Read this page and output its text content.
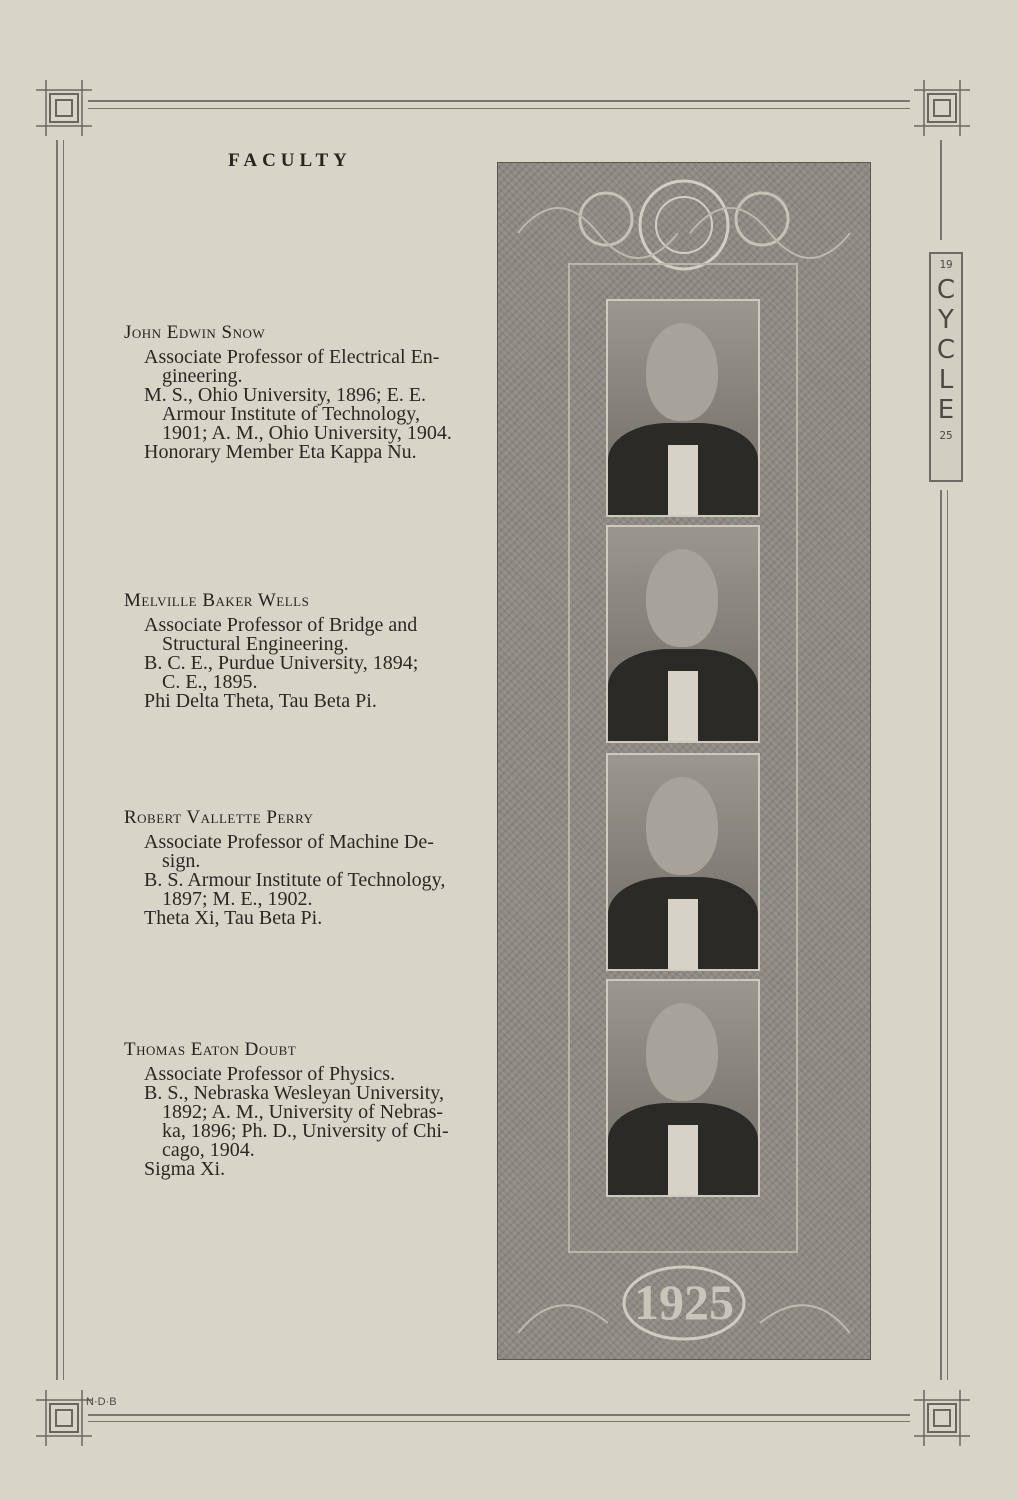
19
C
Y
C
L
E
25
FACULTY
John Edwin Snow
Associate Professor of Electrical En-
gineering.
M. S., Ohio University, 1896; E. E.
Armour Institute of Technology,
1901; A. M., Ohio University, 1904.
Honorary Member Eta Kappa Nu.
Melville Baker Wells
Associate Professor of Bridge and
Structural Engineering.
B. C. E., Purdue University, 1894;
C. E., 1895.
Phi Delta Theta, Tau Beta Pi.
Robert Vallette Perry
Associate Professor of Machine De-
sign.
B. S. Armour Institute of Technology,
1897; M. E., 1902.
Theta Xi, Tau Beta Pi.
Thomas Eaton Doubt
Associate Professor of Physics.
B. S., Nebraska Wesleyan University,
1892; A. M., University of Nebras-
ka, 1896; Ph. D., University of Chi-
cago, 1904.
Sigma Xi.
1925
N·D·B
